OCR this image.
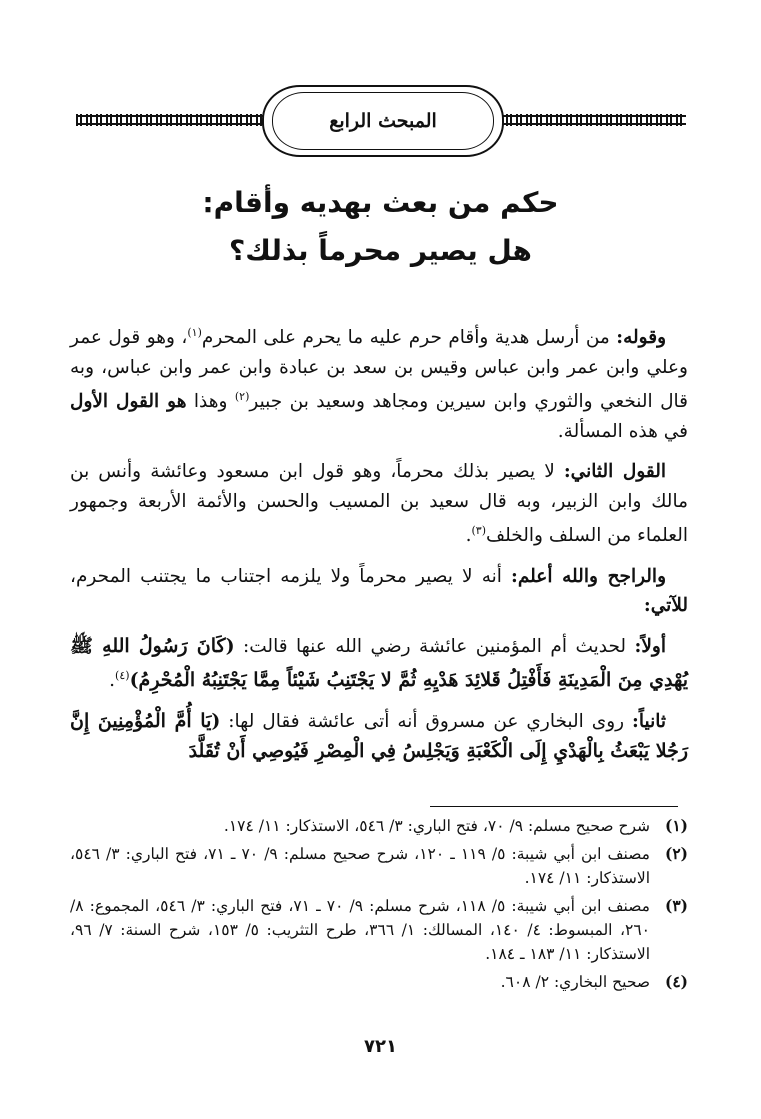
المبحث الرابع
حكم من بعث بهديه وأقام:
هل يصير محرماً بذلك؟

وقوله: من أرسل هدية وأقام حرم عليه ما يحرم على المحرم$^{(١)}$، وهو قول عمر وعلي وابن عمر وابن عباس وقيس بن سعد بن عبادة وابن عمر وابن عباس، وبه قال النخعي والثوري وابن سيرين ومجاهد وسعيد بن جبير$^{(٢)}$ وهذا هو القول الأول في هذه المسألة.

القول الثاني: لا يصير بذلك محرماً، وهو قول ابن مسعود وعائشة وأنس بن مالك وابن الزبير، وبه قال سعيد بن المسيب والحسن والأئمة الأربعة وجمهور العلماء من السلف والخلف$^{(٣)}$.

والراجح والله أعلم: أنه لا يصير محرماً ولا يلزمه اجتناب ما يجتنب المحرم، للآتي:

أولاً: لحديث أم المؤمنين عائشة رضي الله عنها قالت: (كَانَ رَسُولُ اللهِ ﷺ يُهْدِي مِنَ الْمَدِينَةِ فَأَفْتِلُ قَلائِدَ هَدْيِهِ ثُمَّ لا يَجْتَنِبُ شَيْئاً مِمَّا يَجْتَنِبُهُ الْمُحْرِمُ)$^{(٤)}$.

ثانياً: روى البخاري عن مسروق أنه أتى عائشة فقال لها: (يَا أُمَّ الْمُؤْمِنِينَ إِنَّ رَجُلا يَبْعَثُ بِالْهَدْيِ إِلَى الْكَعْبَةِ وَيَجْلِسُ فِي الْمِصْرِ فَيُوصِي أَنْ تُقَلَّدَ

(١)
شرح صحيح مسلم: ٩/ ٧٠، فتح الباري: ٣/ ٥٤٦، الاستذكار: ١١/ ١٧٤.
(٢)
مصنف ابن أبي شيبة: ٥/ ١١٩ ـ ١٢٠، شرح صحيح مسلم: ٩/ ٧٠ ـ ٧١، فتح الباري: ٣/ ٥٤٦، الاستذكار: ١١/ ١٧٤.
(٣)
مصنف ابن أبي شيبة: ٥/ ١١٨، شرح مسلم: ٩/ ٧٠ ـ ٧١، فتح الباري: ٣/ ٥٤٦، المجموع: ٨/ ٢٦٠، المبسوط: ٤/ ١٤٠، المسالك: ١/ ٣٦٦، طرح التثريب: ٥/ ١٥٣، شرح السنة: ٧/ ٩٦، الاستذكار: ١١/ ١٨٣ ـ ١٨٤.
(٤)
صحيح البخاري: ٢/ ٦٠٨.
٧٢١
